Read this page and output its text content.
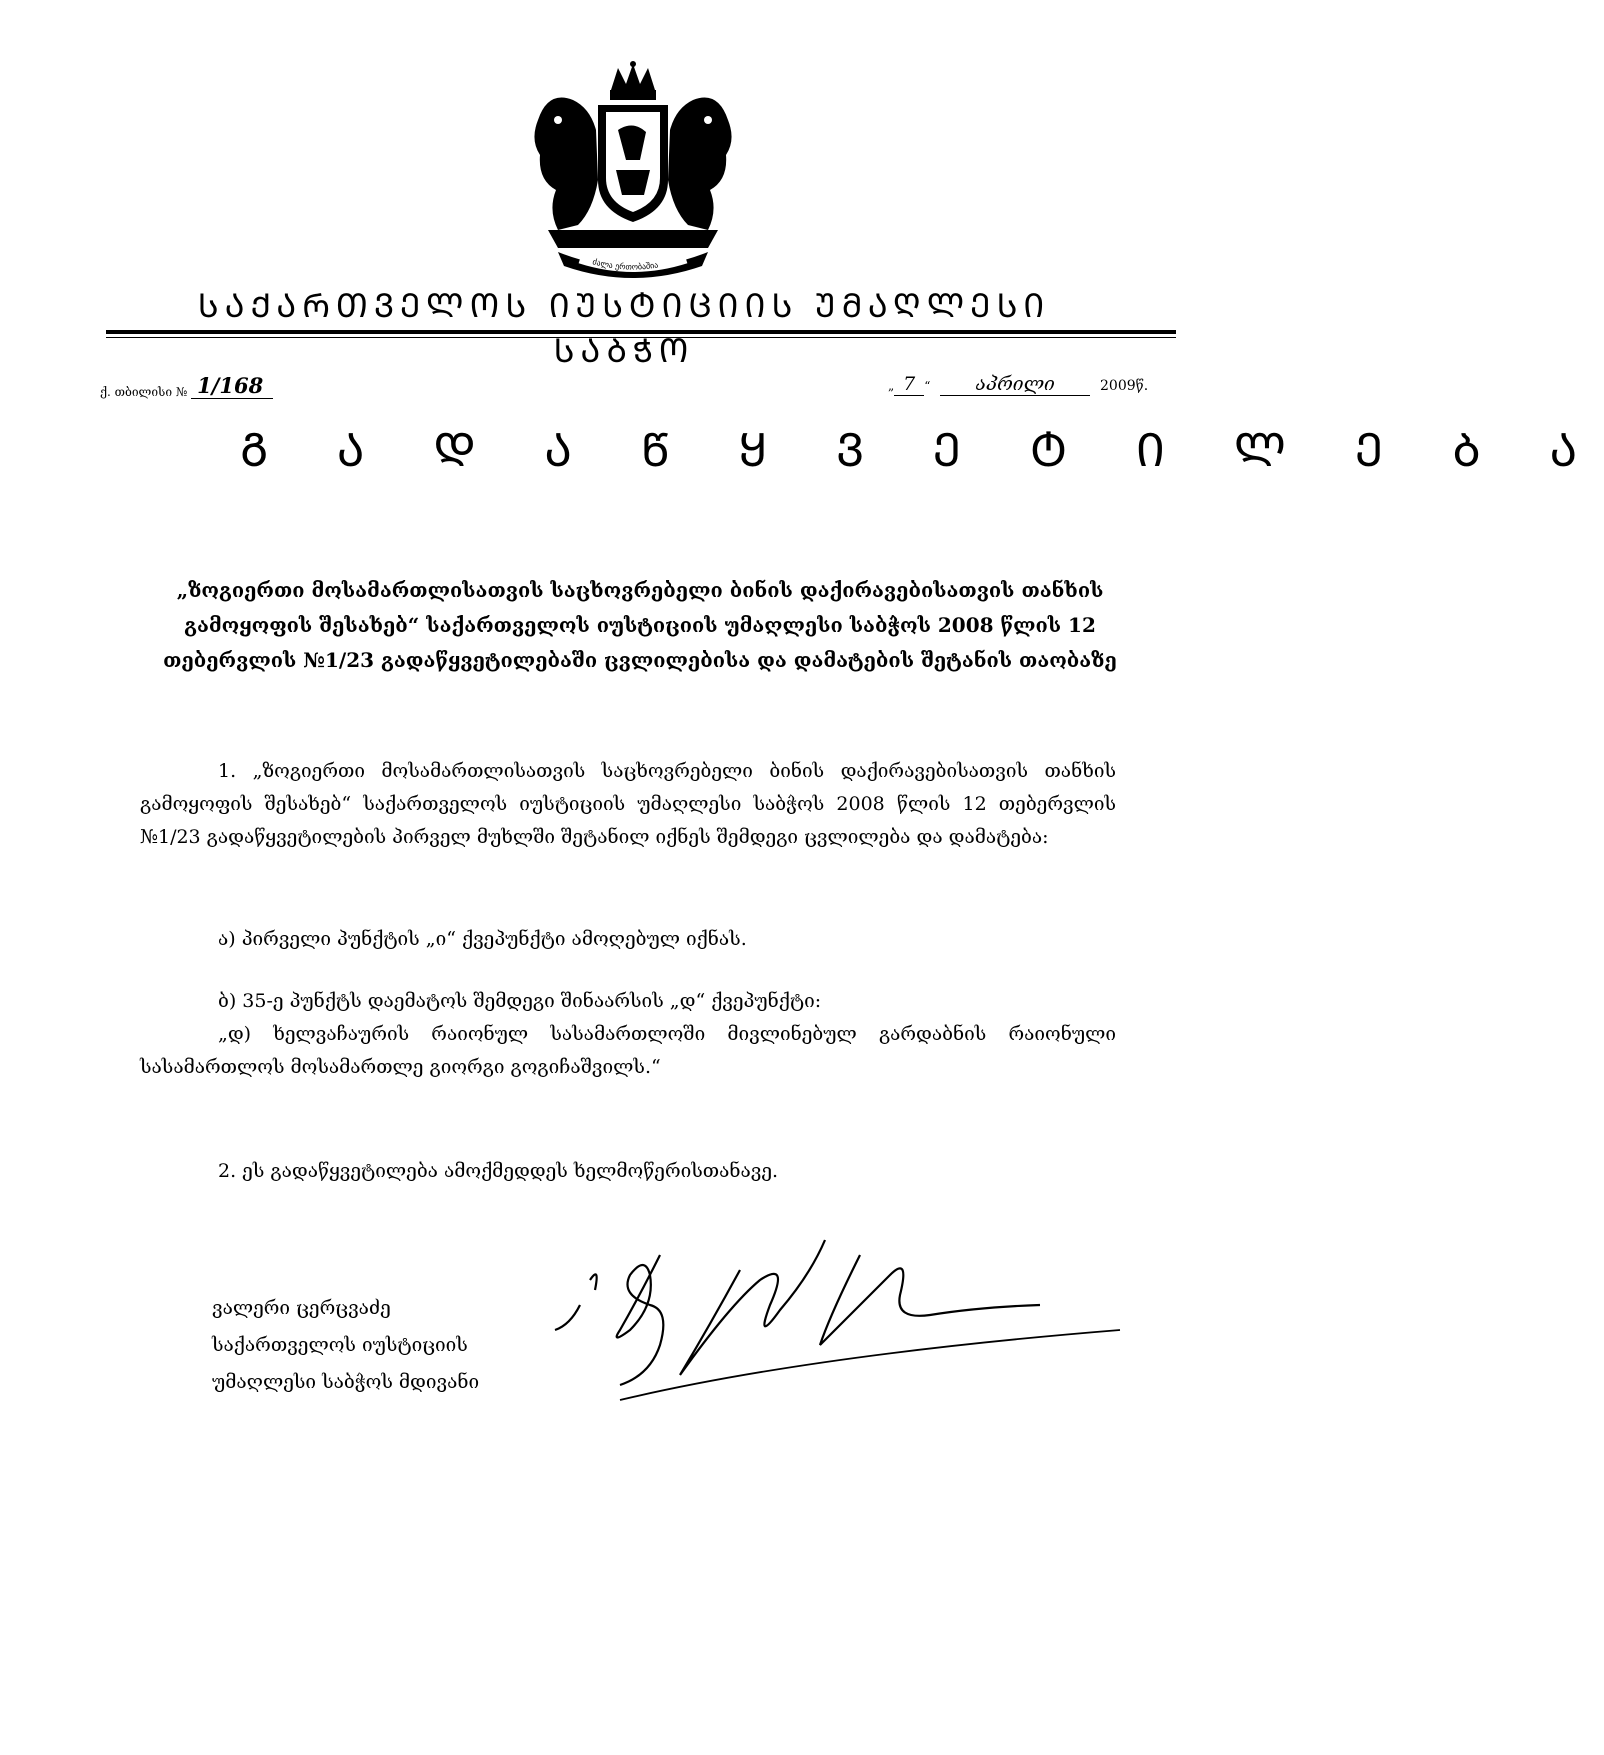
ძალა ერთობაშია
ᲡᲐᲥᲐᲠᲗᲕᲔᲚᲝᲡ ᲘᲣᲡᲢᲘᲪᲘᲘᲡ ᲣᲛᲐᲦᲚᲔᲡᲘ ᲡᲐᲑᲭᲝ
ქ. თბილისი № 1/168	„ 7 “ აპრილი	2009წ.
Გ Ა Დ Ა Წ Ყ Ვ Ე Ტ Ი Ლ Ე Ბ Ა
„ზოგიერთი მოსამართლისათვის საცხოვრებელი ბინის დაქირავებისათვის თანხის გამოყოფის შესახებ“ საქართველოს იუსტიციის უმაღლესი საბჭოს 2008 წლის 12 თებერვლის №1/23 გადაწყვეტილებაში ცვლილებისა და დამატების შეტანის თაობაზე
1. „ზოგიერთი მოსამართლისათვის საცხოვრებელი ბინის დაქირავებისათვის თანხის გამოყოფის შესახებ“ საქართველოს იუსტიციის უმაღლესი საბჭოს 2008 წლის 12 თებერვლის №1/23 გადაწყვეტილების პირველ მუხლში შეტანილ იქნეს შემდეგი ცვლილება და დამატება:
ა) პირველი პუნქტის „ი“ ქვეპუნქტი ამოღებულ იქნას.
ბ) 35-ე პუნქტს დაემატოს შემდეგი შინაარსის „დ“ ქვეპუნქტი:
„დ) ხელვაჩაურის რაიონულ სასამართლოში მივლინებულ გარდაბნის რაიონული სასამართლოს მოსამართლე გიორგი გოგიჩაშვილს.“
2. ეს გადაწყვეტილება ამოქმედდეს ხელმოწერისთანავე.
ვალერი ცერცვაძე
საქართველოს იუსტიციის
უმაღლესი საბჭოს მდივანი
